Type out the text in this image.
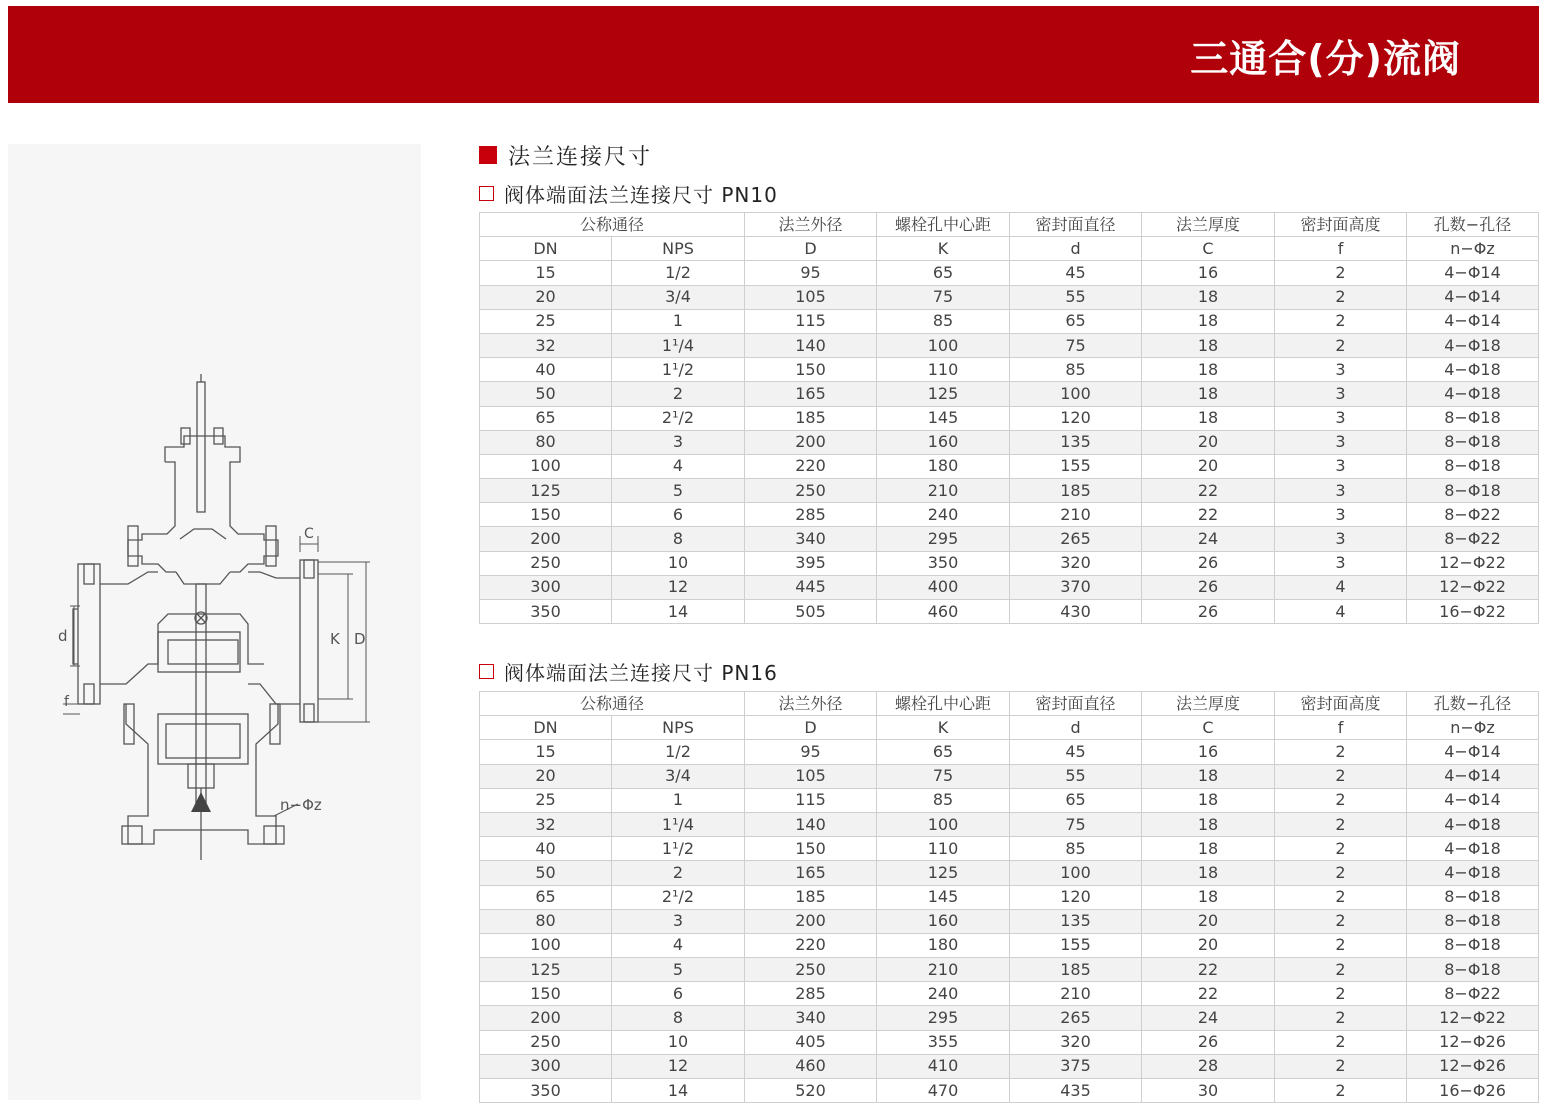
三通合(分)流阀
C
K D
d
f
n−Φz
法兰连接尺寸
阀体端面法兰连接尺寸 PN10
公称通径		法兰外径	螺栓孔中心距	密封面直径	法兰厚度	密封面高度	孔数−孔径
DN	NPS	D	K	d	C	f	n−Φz
15	1/2	95	65	45	16	2	4−Φ14
20	3/4	105	75	55	18	2	4−Φ14
25	1	115	85	65	18	2	4−Φ14
32	1¹/4	140	100	75	18	2	4−Φ18
40	1¹/2	150	110	85	18	3	4−Φ18
50	2	165	125	100	18	3	4−Φ18
65	2¹/2	185	145	120	18	3	8−Φ18
80	3	200	160	135	20	3	8−Φ18
100	4	220	180	155	20	3	8−Φ18
125	5	250	210	185	22	3	8−Φ18
150	6	285	240	210	22	3	8−Φ22
200	8	340	295	265	24	3	8−Φ22
250	10	395	350	320	26	3	12−Φ22
300	12	445	400	370	26	4	12−Φ22
350	14	505	460	430	26	4	16−Φ22
阀体端面法兰连接尺寸 PN16
公称通径		法兰外径	螺栓孔中心距	密封面直径	法兰厚度	密封面高度	孔数−孔径
DN	NPS	D	K	d	C	f	n−Φz
15	1/2	95	65	45	16	2	4−Φ14
20	3/4	105	75	55	18	2	4−Φ14
25	1	115	85	65	18	2	4−Φ14
32	1¹/4	140	100	75	18	2	4−Φ18
40	1¹/2	150	110	85	18	2	4−Φ18
50	2	165	125	100	18	2	4−Φ18
65	2¹/2	185	145	120	18	2	8−Φ18
80	3	200	160	135	20	2	8−Φ18
100	4	220	180	155	20	2	8−Φ18
125	5	250	210	185	22	2	8−Φ18
150	6	285	240	210	22	2	8−Φ22
200	8	340	295	265	24	2	12−Φ22
250	10	405	355	320	26	2	12−Φ26
300	12	460	410	375	28	2	12−Φ26
350	14	520	470	435	30	2	16−Φ26
